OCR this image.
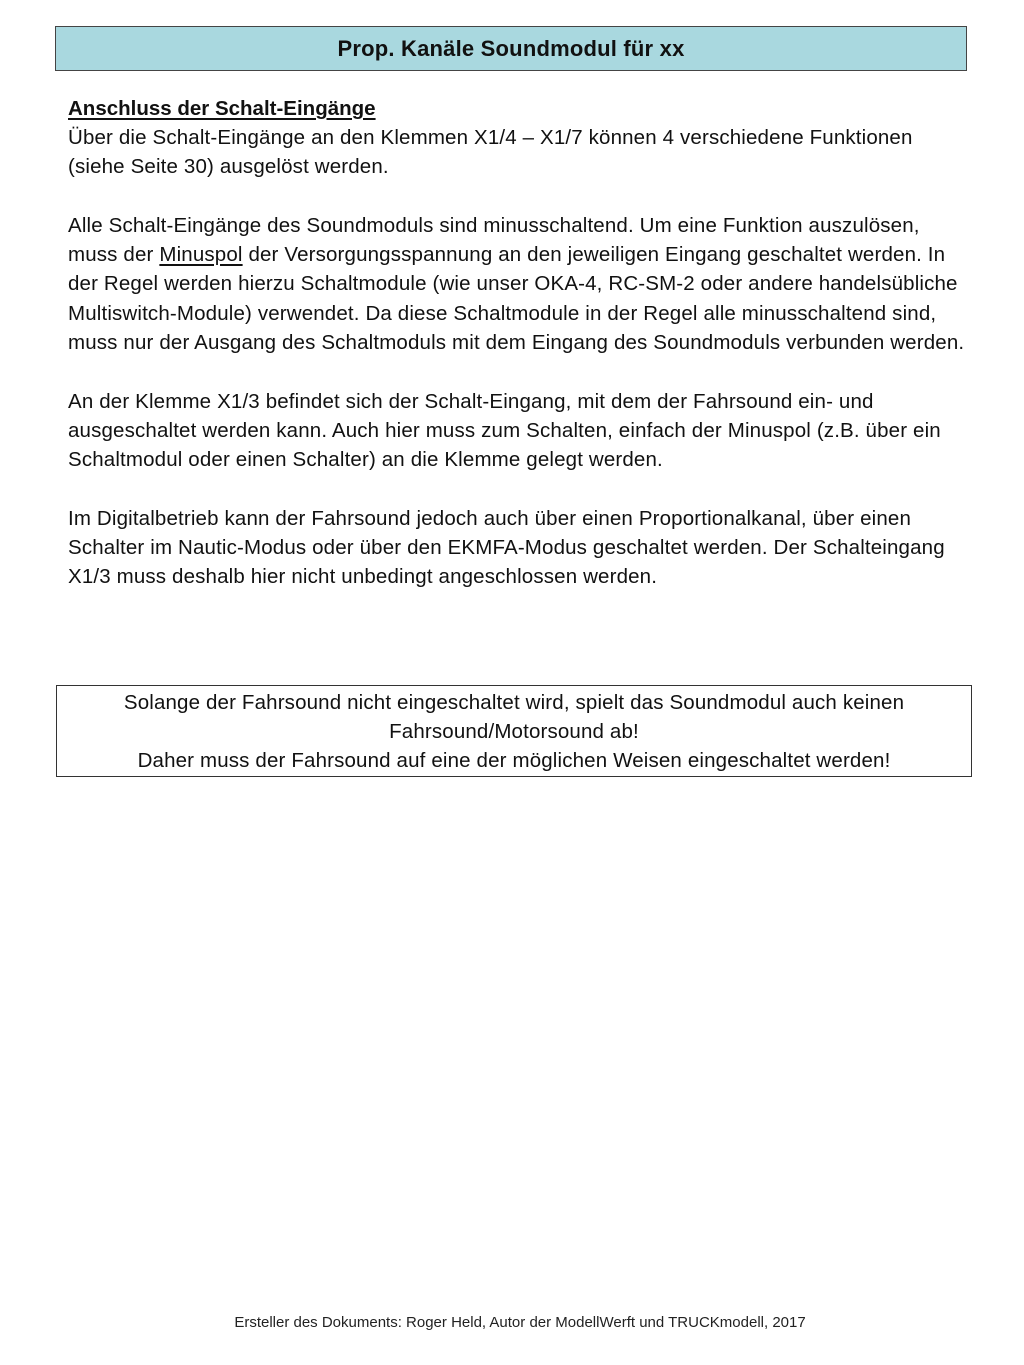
Prop. Kanäle Soundmodul für xx
Anschluss der Schalt-Eingänge

Über die Schalt-Eingänge an den Klemmen X1/4 – X1/7 können 4 verschiedene Funktionen (siehe Seite 30) ausgelöst werden.

Alle Schalt-Eingänge des Soundmoduls sind minusschaltend. Um eine Funktion auszulösen, muss der Minuspol der Versorgungsspannung an den jeweiligen Eingang geschaltet werden. In der Regel werden hierzu Schaltmodule (wie unser OKA-4, RC-SM-2 oder andere handelsübliche Multiswitch-Module) verwendet. Da diese Schaltmodule in der Regel alle minusschaltend sind, muss nur der Ausgang des Schaltmoduls mit dem Eingang des Soundmoduls verbunden werden.

An der Klemme X1/3 befindet sich der Schalt-Eingang, mit dem der Fahrsound ein- und ausgeschaltet werden kann. Auch hier muss zum Schalten, einfach der Minuspol (z.B. über ein Schaltmodul oder einen Schalter) an die Klemme gelegt werden.

Im Digitalbetrieb kann der Fahrsound jedoch auch über einen Proportionalkanal, über einen Schalter im Nautic-Modus oder über den EKMFA-Modus geschaltet werden. Der Schalteingang X1/3 muss deshalb hier nicht unbedingt angeschlossen werden.

Solange der Fahrsound nicht eingeschaltet wird, spielt das Soundmodul auch keinen
Fahrsound/Motorsound ab!
Daher muss der Fahrsound auf eine der möglichen Weisen eingeschaltet werden!
Ersteller des Dokuments: Roger Held, Autor der ModellWerft und TRUCKmodell, 2017
